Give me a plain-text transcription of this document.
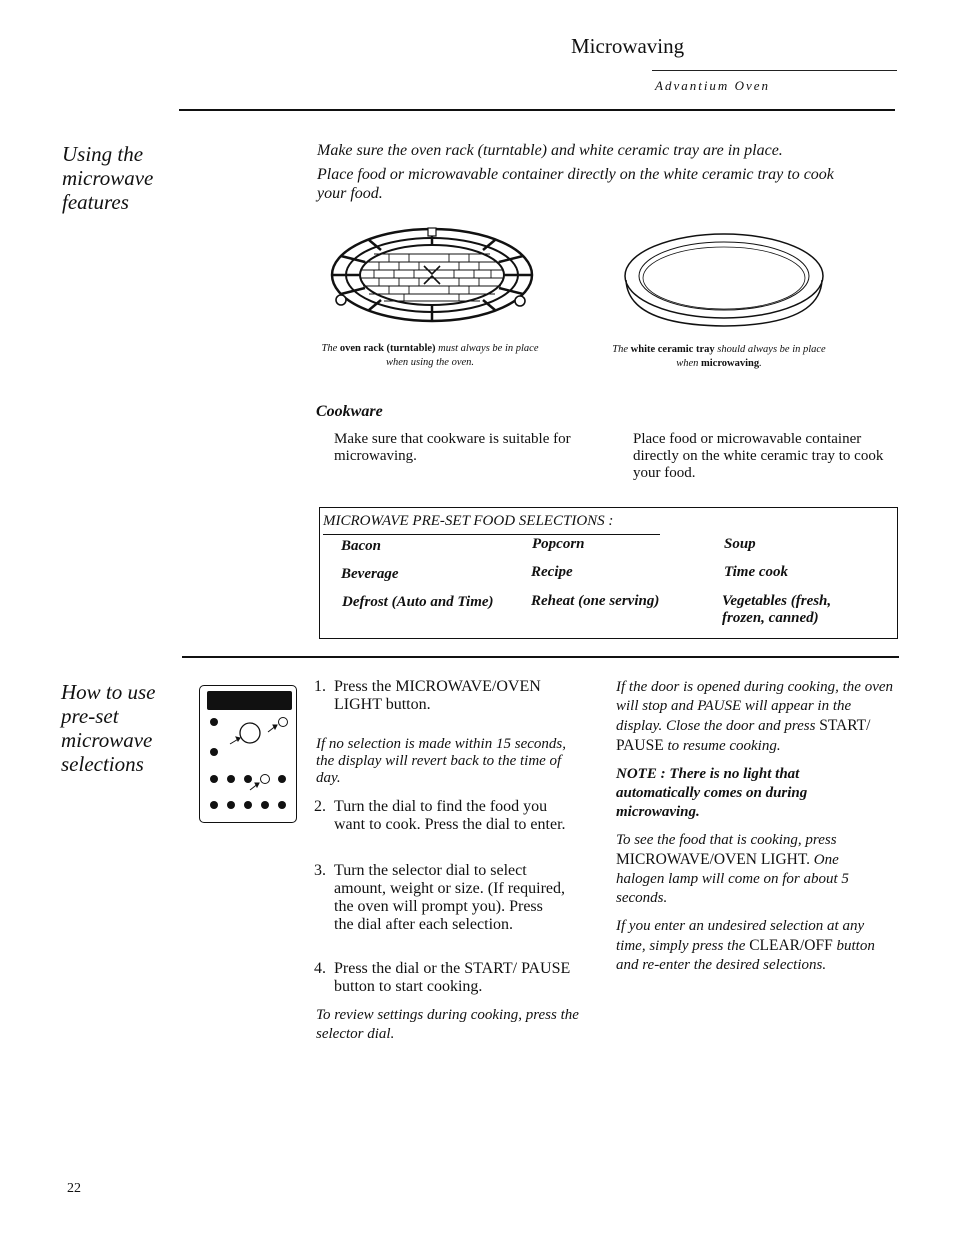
Microwaving
Advantium Oven
Using the
microwave
features

Make sure the oven rack (turntable) and white ceramic tray are in place.

Place food or microwavable container directly on the white ceramic tray to cook your food.

The oven rack (turntable) must always be in place when using the oven.
The white ceramic tray should always be in place when microwaving.
Cookware
Make sure that cookware is suitable for microwaving.
Place food or microwavable container directly on the white ceramic tray to cook your food.
MICROWAVE PRE-SET FOOD SELECTIONS :
Bacon
Beverage
Defrost (Auto and Time)
Popcorn
Recipe
Reheat (one serving)
Soup
Time cook
Vegetables (fresh, frozen, canned)
How to use
pre-set
microwave
selections
1. Press the MICROWAVE/OVEN LIGHT button.
If no selection is made within 15 seconds, the display will revert back to the time of day.
2. Turn the dial to find the food you want to cook. Press the dial to enter.
3. Turn the selector dial to select amount, weight or size. (If required, the oven will prompt you). Press the dial after each selection.
4. Press the dial or the START/ PAUSE button to start cooking.
To review settings during cooking, press the selector dial.
If the door is opened during cooking, the oven will stop and PAUSE will appear in the display. Close the door and press START/ PAUSE to resume cooking.
NOTE : There is no light that automatically comes on during microwaving.
To see the food that is cooking, press MICROWAVE/OVEN LIGHT. One halogen lamp will come on for about 5 seconds.
If you enter an undesired selection at any time, simply press the CLEAR/OFF button and re-enter the desired selections.
22
